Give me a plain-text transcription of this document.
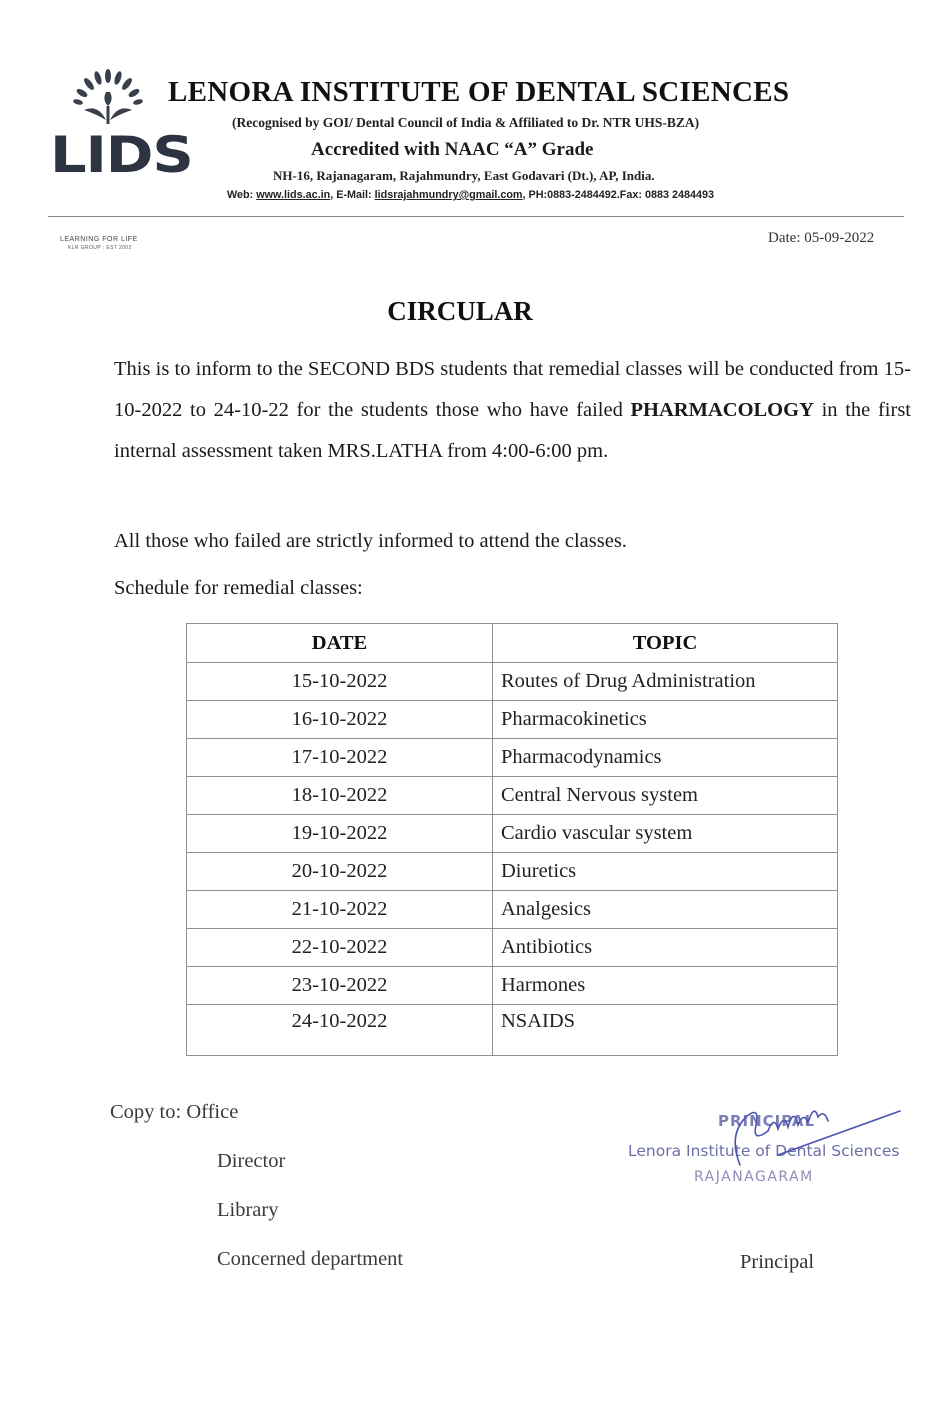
LIDS
LEARNING FOR LIFE
KLR GROUP : EST 2002
LENORA INSTITUTE OF DENTAL SCIENCES
(Recognised by GOI/ Dental Council of India & Affiliated to Dr. NTR UHS-BZA)
Accredited with NAAC “A” Grade
NH-16, Rajanagaram, Rajahmundry, East Godavari (Dt.), AP, India.
Web: www.lids.ac.in, E-Mail: lidsrajahmundry@gmail.com, PH:0883-2484492.Fax: 0883 2484493
Date: 05-09-2022
CIRCULAR
This is to inform to the SECOND BDS students that remedial classes will be conducted from 15-10-2022 to 24-10-22 for the students those who have failed PHARMACOLOGY in the first internal assessment taken MRS.LATHA from 4:00-6:00 pm.
All those who failed are strictly informed to attend the classes.
Schedule for remedial classes:
DATE	TOPIC
15-10-2022	Routes of Drug Administration
16-10-2022	Pharmacokinetics
17-10-2022	Pharmacodynamics
18-10-2022	Central Nervous system
19-10-2022	Cardio vascular system
20-10-2022	Diuretics
21-10-2022	Analgesics
22-10-2022	Antibiotics
23-10-2022	Harmones
24-10-2022	NSAIDS
Copy to: Office
Director
Library
Concerned department
PRINCIPAL
Lenora Institute of Dental Sciences
RAJANAGARAM
Principal
